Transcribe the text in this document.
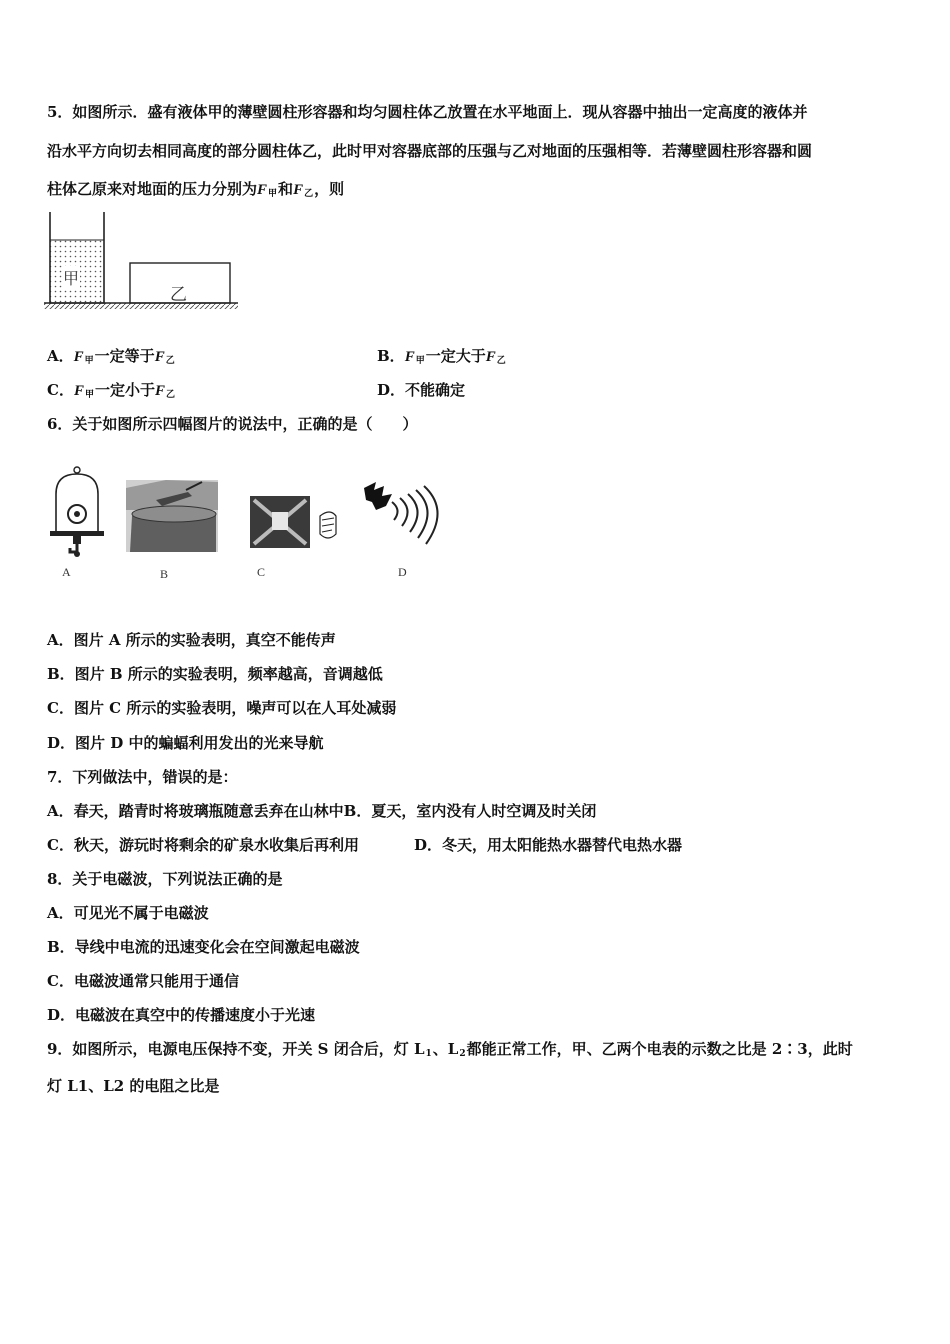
5．如图所示．盛有液体甲的薄壁圆柱形容器和均匀圆柱体乙放置在水平地面上．现从容器中抽出一定高度的液体并
沿水平方向切去相同高度的部分圆柱体乙，此时甲对容器底部的压强与乙对地面的压强相等．若薄壁圆柱形容器和圆
柱体乙原来对地面的压力分别为$F_甲$和$F_乙$，则
甲
乙
A．$F_甲$一定等于$F_乙$	B．$F_甲$一定大于$F_乙$
C．$F_甲$一定小于$F_乙$	D．不能确定
6．关于如图所示四幅图片的说法中，正确的是（　　）
A	B	C	D
A．图片 A 所示的实验表明，真空不能传声
B．图片 B 所示的实验表明，频率越高，音调越低
C．图片 C 所示的实验表明，噪声可以在人耳处减弱
D．图片 D 中的蝙蝠利用发出的光来导航
7．下列做法中，错误的是：
A．春天，踏青时将玻璃瓶随意丢弃在山林中B．夏天，室内没有人时空调及时关闭
C．秋天，游玩时将剩余的矿泉水收集后再利用	D．冬天，用太阳能热水器替代电热水器
8．关于电磁波，下列说法正确的是
A．可见光不属于电磁波
B．导线中电流的迅速变化会在空间激起电磁波
C．电磁波通常只能用于通信
D．电磁波在真空中的传播速度小于光速
9．如图所示，电源电压保持不变，开关 S 闭合后，灯 $L_1$、$L_2$都能正常工作，甲、乙两个电表的示数之比是 2∶3，此时
灯 L1、L2 的电阻之比是
